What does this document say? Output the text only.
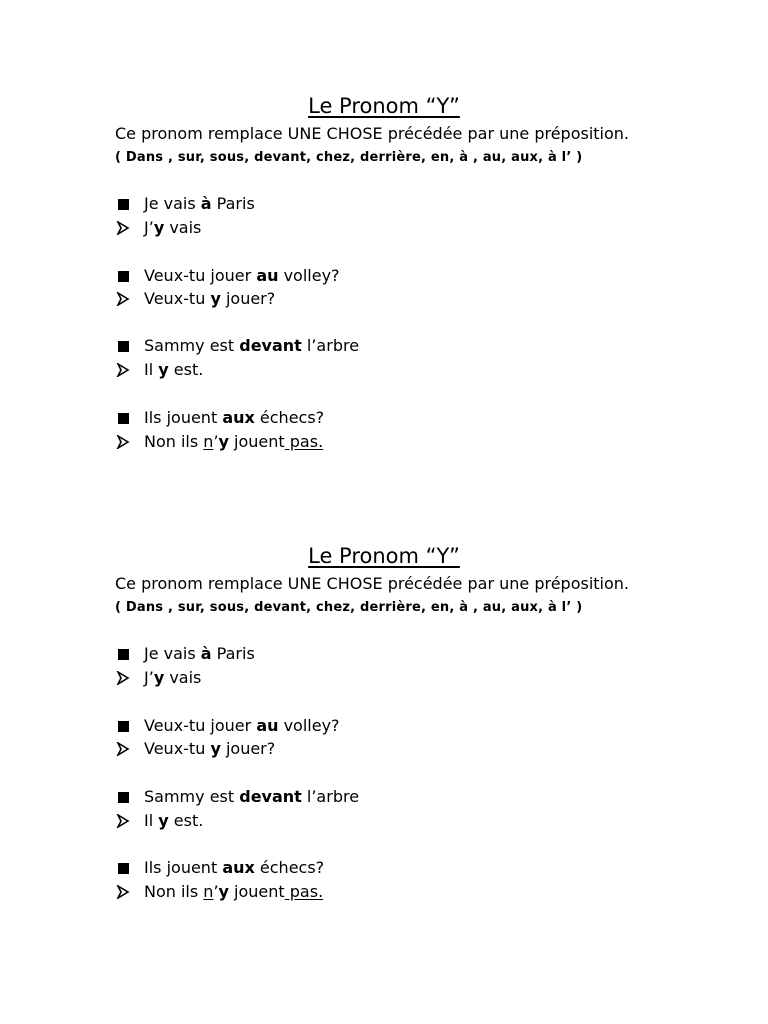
Le Pronom “Y”
Ce pronom remplace UNE CHOSE précédée par une préposition.
( Dans , sur, sous, devant, chez, derrière, en, à , au, aux, à l’ )
Je vais à Paris
J’y vais
Veux-tu jouer au volley?
Veux-tu y jouer?
Sammy est devant l’arbre
Il y est.
Ils jouent aux échecs?
Non ils n’y jouent pas.
Le Pronom “Y”
Ce pronom remplace UNE CHOSE précédée par une préposition.
( Dans , sur, sous, devant, chez, derrière, en, à , au, aux, à l’ )
Je vais à Paris
J’y vais
Veux-tu jouer au volley?
Veux-tu y jouer?
Sammy est devant l’arbre
Il y est.
Ils jouent aux échecs?
Non ils n’y jouent pas.
